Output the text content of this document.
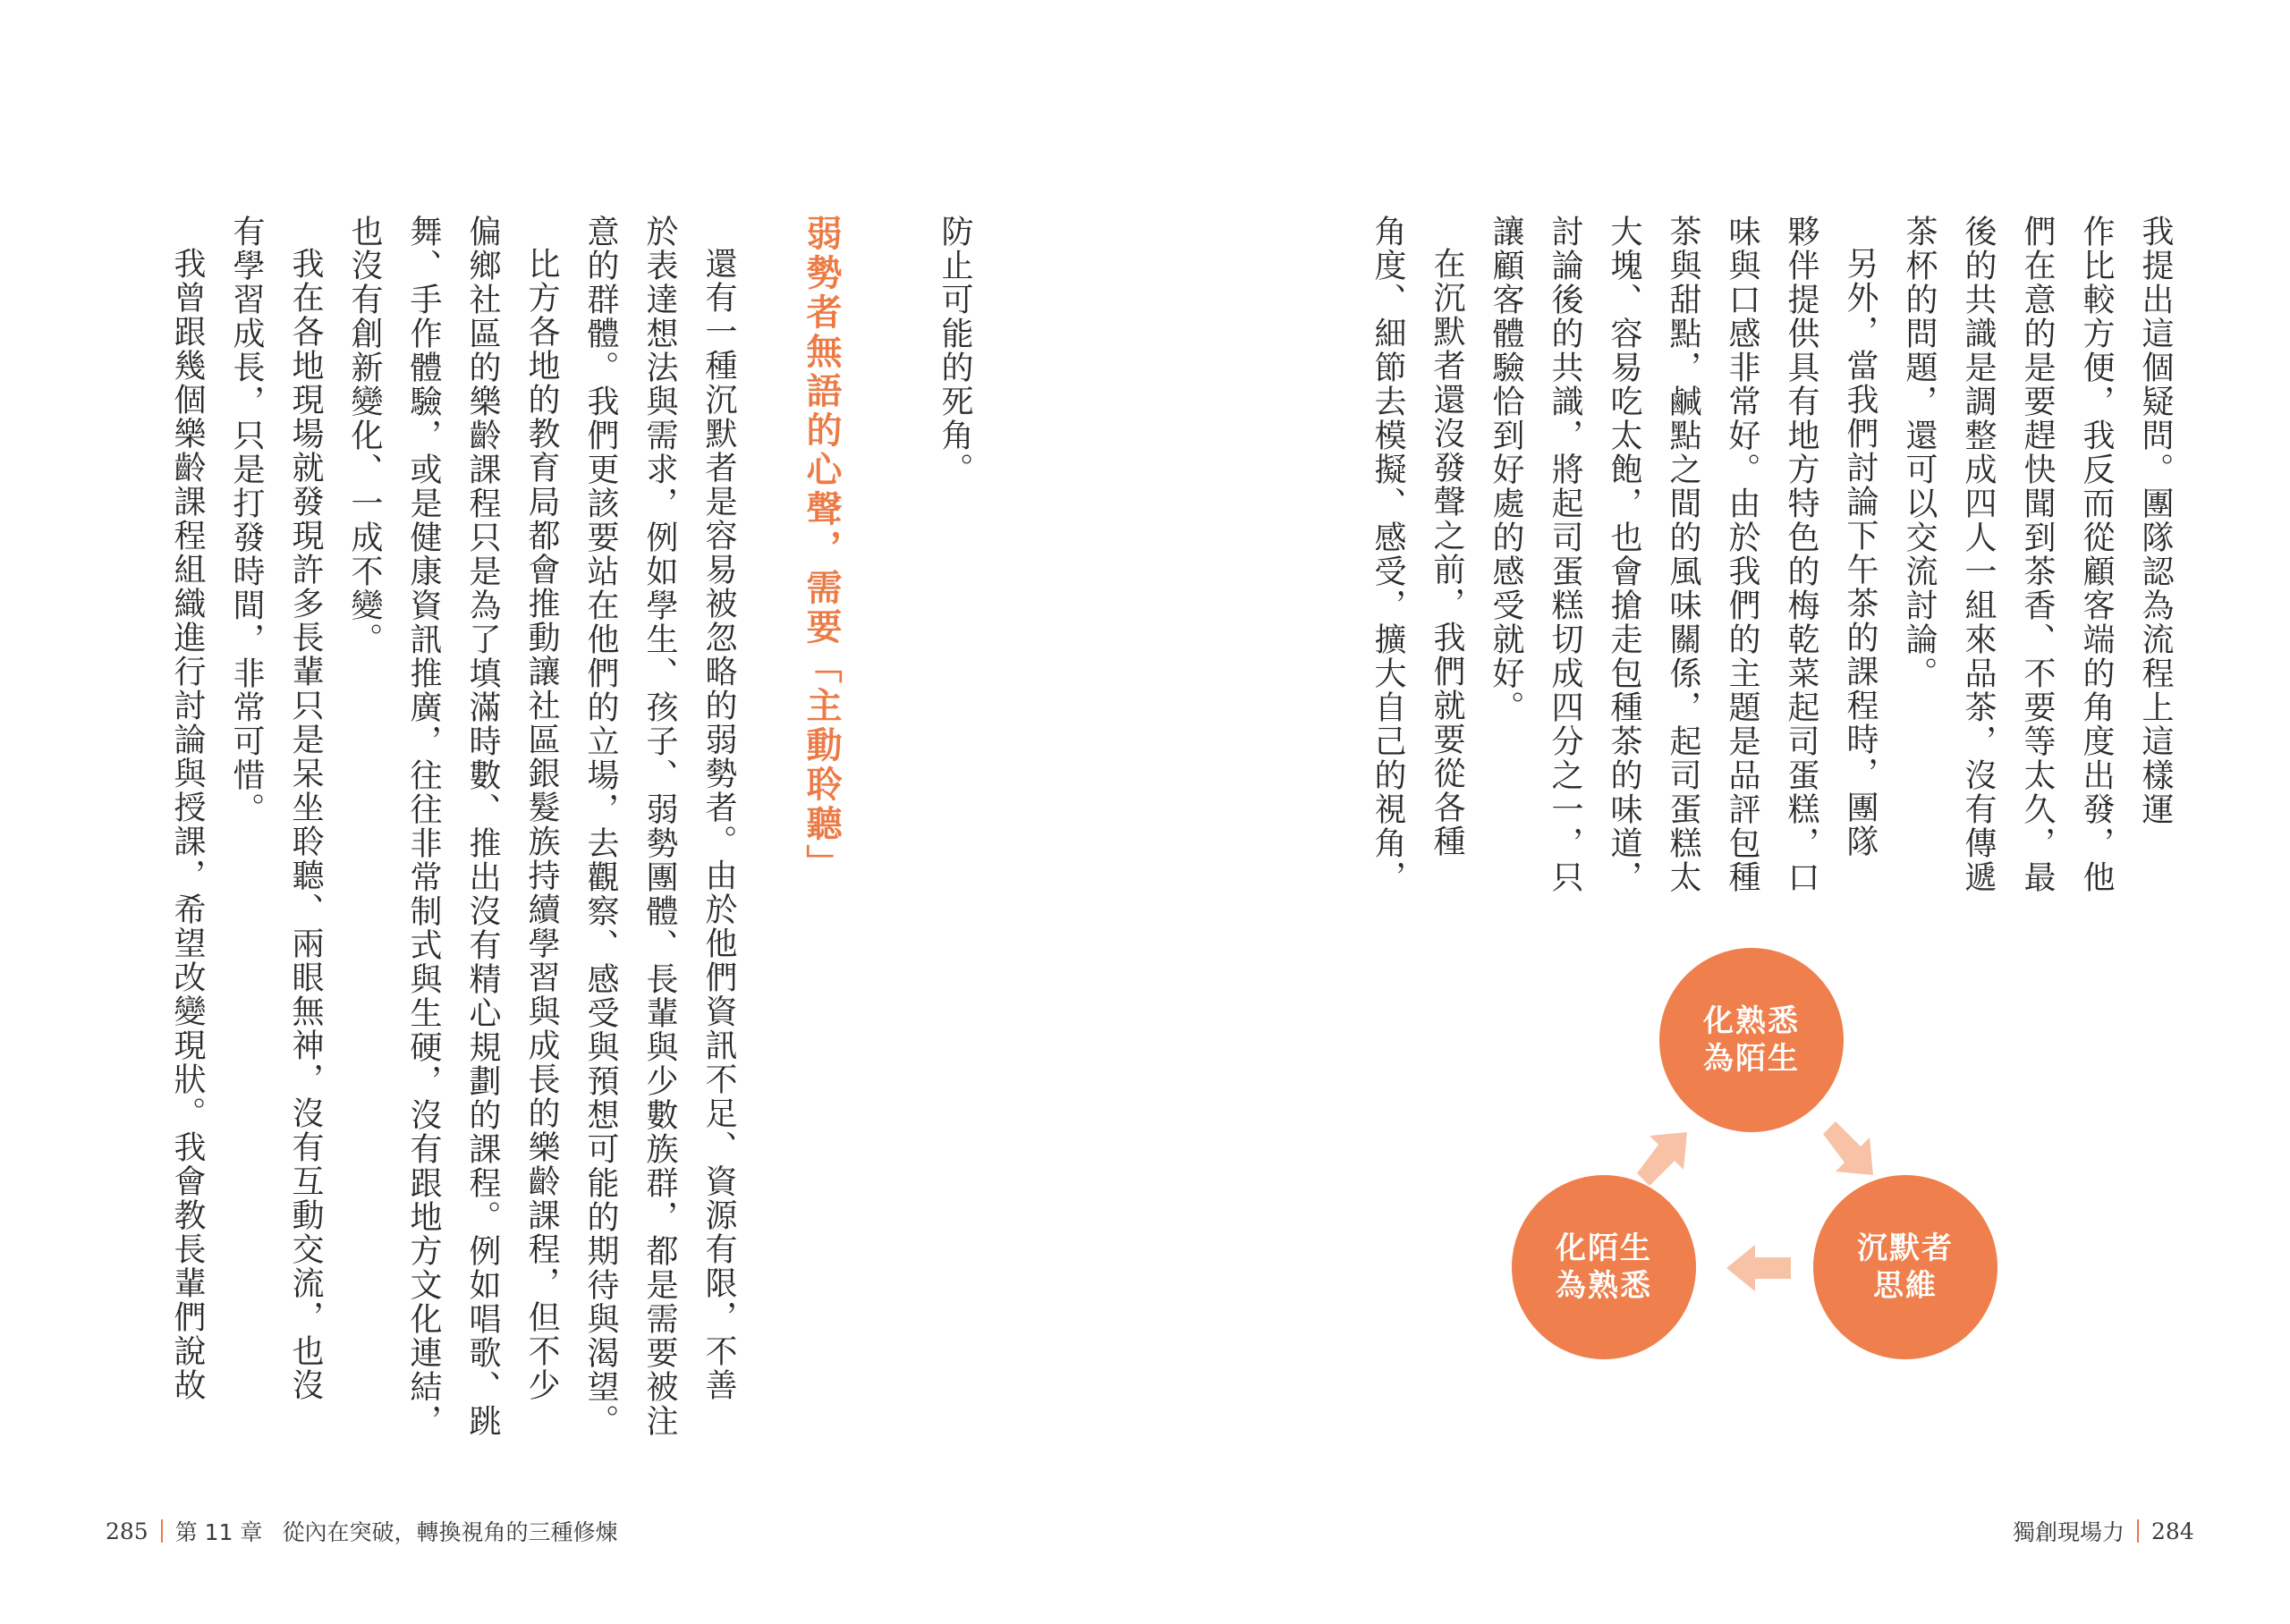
我提出這個疑問。團隊認為流程上這樣運
作比較方便，我反而從顧客端的角度出發，他
們在意的是要趕快聞到茶香、不要等太久，最
後的共識是調整成四人一組來品茶，沒有傳遞
茶杯的問題，還可以交流討論。
另外，當我們討論下午茶的課程時，團隊
夥伴提供具有地方特色的梅乾菜起司蛋糕，口
味與口感非常好。由於我們的主題是品評包種
茶與甜點，鹹點之間的風味關係，起司蛋糕太
大塊、容易吃太飽，也會搶走包種茶的味道，
討論後的共識，將起司蛋糕切成四分之一，只
讓顧客體驗恰到好處的感受就好。
在沉默者還沒發聲之前，我們就要從各種
角度、細節去模擬、感受，擴大自己的視角，
化熟悉
為陌生
沉默者
思維
化陌生
為熟悉
獨創現場力 284
防止可能的死角。
弱勢者無語的心聲，需要「主動聆聽」
還有一種沉默者是容易被忽略的弱勢者。由於他們資訊不足、資源有限，不善
於表達想法與需求，例如學生、孩子、弱勢團體、長輩與少數族群，都是需要被注
意的群體。我們更該要站在他們的立場，去觀察、感受與預想可能的期待與渴望。
比方各地的教育局都會推動讓社區銀髮族持續學習與成長的樂齡課程，但不少
偏鄉社區的樂齡課程只是為了填滿時數、推出沒有精心規劃的課程。例如唱歌、跳
舞、手作體驗，或是健康資訊推廣，往往非常制式與生硬，沒有跟地方文化連結，
也沒有創新變化、一成不變。
我在各地現場就發現許多長輩只是呆坐聆聽、兩眼無神，沒有互動交流，也沒
有學習成長，只是打發時間，非常可惜。
我曾跟幾個樂齡課程組織進行討論與授課，希望改變現狀。我會教長輩們說故
285 第 11 章 從內在突破，轉換視角的三種修煉
